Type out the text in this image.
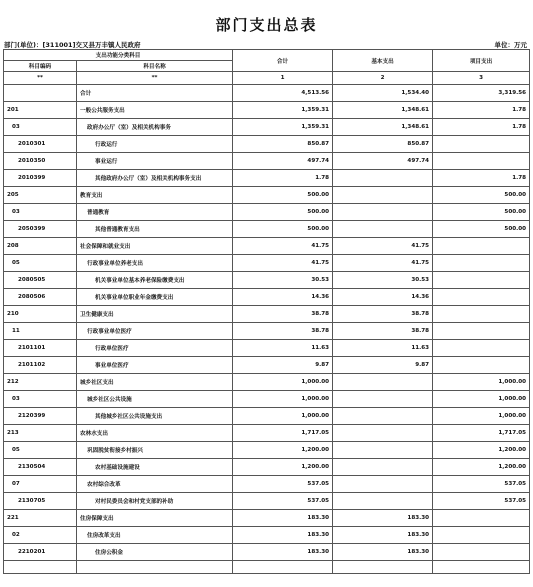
部门支出总表
部门(单位)：[311001]交又县万丰镇人民政府	单位：万元
支出功能分类科目		合计	基本支出	项目支出
科目编码	科目名称			
**	**	1	2	3
	合计	4,513.56	1,534.40	3,319.56
201	一般公共服务支出	1,359.31	1,348.61	1.78
03	政府办公厅（室）及相关机构事务	1,359.31	1,348.61	1.78
2010301	行政运行	850.87	850.87	
2010350	事业运行	497.74	497.74	
2010399	其他政府办公厅（室）及相关机构事务支出	1.78		1.78
205	教育支出	500.00		500.00
03	普通教育	500.00		500.00
2050399	其他普通教育支出	500.00		500.00
208	社会保障和就业支出	41.75	41.75	
05	行政事业单位养老支出	41.75	41.75	
2080505	机关事业单位基本养老保险缴费支出	30.53	30.53	
2080506	机关事业单位职业年金缴费支出	14.36	14.36	
210	卫生健康支出	38.78	38.78	
11	行政事业单位医疗	38.78	38.78	
2101101	行政单位医疗	11.63	11.63	
2101102	事业单位医疗	9.87	9.87	
212	城乡社区支出	1,000.00		1,000.00
03	城乡社区公共设施	1,000.00		1,000.00
2120399	其他城乡社区公共设施支出	1,000.00		1,000.00
213	农林水支出	1,717.05		1,717.05
05	巩固脱贫衔接乡村振兴	1,200.00		1,200.00
2130504	农村基础设施建设	1,200.00		1,200.00
07	农村综合改革	537.05		537.05
2130705	对村民委员会和村党支部的补助	537.05		537.05
221	住房保障支出	183.30	183.30	
02	住房改革支出	183.30	183.30	
2210201	住房公积金	183.30	183.30	
